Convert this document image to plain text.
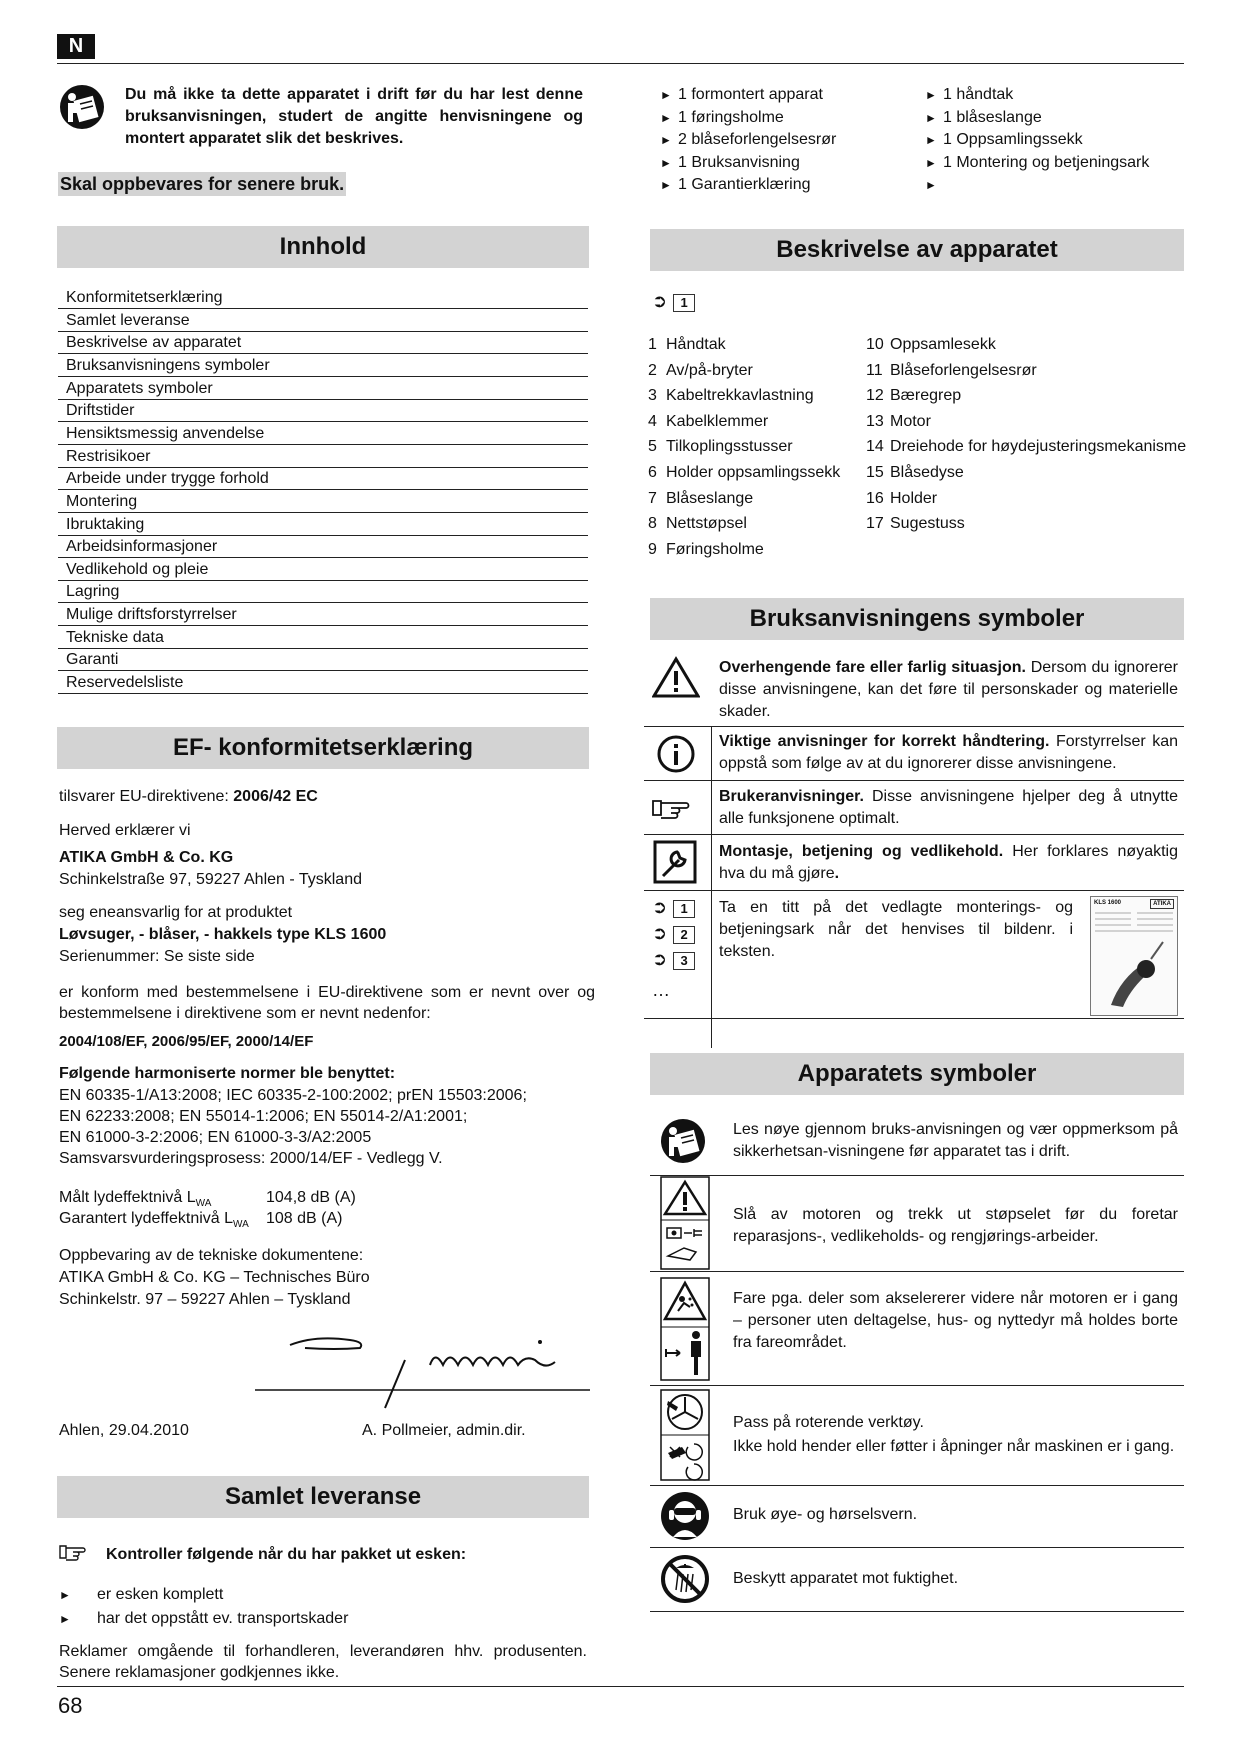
N
Du må ikke ta dette apparatet i drift før du har lest denne bruksanvisningen, studert de angitte henvisningene og montert apparatet slik det beskrives.
Skal oppbevares for senere bruk.
► 1 formontert apparat
► 1 føringsholme
► 2 blåseforlengelsesrør
► 1 Bruksanvisning
► 1 Garantierklæring
► 1 håndtak
► 1 blåseslange
► 1 Oppsamlingssekk
► 1 Montering og betjeningsark
►
Innhold
Konformitetserklæring
Samlet leveranse
Beskrivelse av apparatet
Bruksanvisningens symboler
Apparatets symboler
Driftstider
Hensiktsmessig anvendelse
Restrisikoer
Arbeide under trygge forhold
Montering
Ibruktaking
Arbeidsinformasjoner
Vedlikehold og pleie
Lagring
Mulige driftsforstyrrelser
Tekniske data
Garanti
Reservedelsliste
EF- konformitetserklæring
tilsvarer EU-direktivene: 2006/42 EC
Herved erklærer vi
ATIKA GmbH & Co. KG
Schinkelstraße 97, 59227 Ahlen - Tyskland
seg eneansvarlig for at produktet
Løvsuger, - blåser, - hakkels type KLS 1600
Serienummer: Se siste side
er konform med bestemmelsene i EU-direktivene som er nevnt over og bestemmelsene i direktivene som er nevnt nedenfor:
2004/108/EF, 2006/95/EF, 2000/14/EF
Følgende harmoniserte normer ble benyttet:
EN 60335-1/A13:2008; IEC 60335-2-100:2002; prEN 15503:2006;
EN 62233:2008; EN 55014-1:2006; EN 55014-2/A1:2001;
EN 61000-3-2:2006; EN 61000-3-3/A2:2005
Samsvarsvurderingsprosess: 2000/14/EF - Vedlegg V.
Målt lydeffektnivå $L_{WA}$	104,8 dB (A)
Garantert lydeffektnivå $L_{WA}$ 108 dB (A)
Oppbevaring av de tekniske dokumentene:
ATIKA GmbH & Co. KG – Technisches Büro
Schinkelstr. 97 – 59227 Ahlen – Tyskland
Ahlen, 29.04.2010	A. Pollmeier, admin.dir.
Samlet leveranse
Kontroller følgende når du har pakket ut esken:
► er esken komplett
► har det oppstått ev. transportskader
Reklamer omgående til forhandleren, leverandøren hhv. produsenten. Senere reklamasjoner godkjennes ikke.
Beskrivelse av apparatet
➲ 1
1 Håndtak
2 Av/på-bryter
3 Kabeltrekkavlastning
4 Kabelklemmer
5 Tilkoplingsstusser
6 Holder oppsamlingssekk
7 Blåseslange
8 Nettstøpsel
9 Føringsholme
10 Oppsamlesekk
11 Blåseforlengelsesrør
12 Bæregrep
13 Motor
14 Dreiehode for høydejusteringsmekanisme
15 Blåsedyse
16 Holder
17 Sugestuss
Bruksanvisningens symboler
Overhengende fare eller farlig situasjon. Dersom du ignorerer disse anvisningene, kan det føre til personskader og materielle skader.
Viktige anvisninger for korrekt håndtering. Forstyrrelser kan oppstå som følge av at du ignorerer disse anvisningene.
Brukeranvisninger. Disse anvisningene hjelper deg å utnytte alle funksjonene optimalt.
Montasje, betjening og vedlikehold. Her forklares nøyaktig hva du må gjøre.
➲ 1
➲ 2
➲ 3
…
Ta en titt på det vedlagte monterings- og betjeningsark når det henvises til bildenr. i teksten.
KLS 1600	ATIKA
Apparatets symboler
Les nøye gjennom bruks-anvisningen og vær oppmerksom på sikkerhetsan-visningene før apparatet tas i drift.
Slå av motoren og trekk ut støpselet før du foretar reparasjons-, vedlikeholds- og rengjørings-arbeider.
Fare pga. deler som akselererer videre når motoren er i gang – personer uten deltagelse, hus- og nyttedyr må holdes borte fra fareområdet.
Pass på roterende verktøy.
Ikke hold hender eller føtter i åpninger når maskinen er i gang.
Bruk øye- og hørselsvern.
Beskytt apparatet mot fuktighet.
68
